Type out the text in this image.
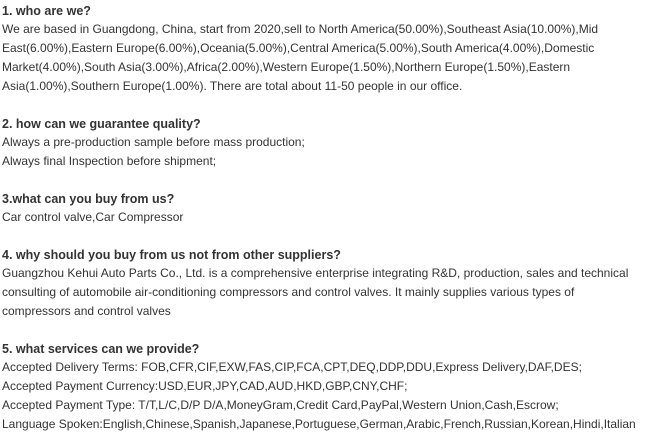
1. who are we?
We are based in Guangdong, China, start from 2020,sell to North America(50.00%),Southeast Asia(10.00%),Mid
East(6.00%),Eastern Europe(6.00%),Oceania(5.00%),Central America(5.00%),South America(4.00%),Domestic
Market(4.00%),South Asia(3.00%),Africa(2.00%),Western Europe(1.50%),Northern Europe(1.50%),Eastern
Asia(1.00%),Southern Europe(1.00%). There are total about 11-50 people in our office.
2. how can we guarantee quality?
Always a pre-production sample before mass production;
Always final Inspection before shipment;
3.what can you buy from us?
Car control valve,Car Compressor
4. why should you buy from us not from other suppliers?
Guangzhou Kehui Auto Parts Co., Ltd. is a comprehensive enterprise integrating R&D, production, sales and technical
consulting of automobile air-conditioning compressors and control valves. It mainly supplies various types of
compressors and control valves
5. what services can we provide?
Accepted Delivery Terms: FOB,CFR,CIF,EXW,FAS,CIP,FCA,CPT,DEQ,DDP,DDU,Express Delivery,DAF,DES;
Accepted Payment Currency:USD,EUR,JPY,CAD,AUD,HKD,GBP,CNY,CHF;
Accepted Payment Type: T/T,L/C,D/P D/A,MoneyGram,Credit Card,PayPal,Western Union,Cash,Escrow;
Language Spoken:English,Chinese,Spanish,Japanese,Portuguese,German,Arabic,French,Russian,Korean,Hindi,Italian
